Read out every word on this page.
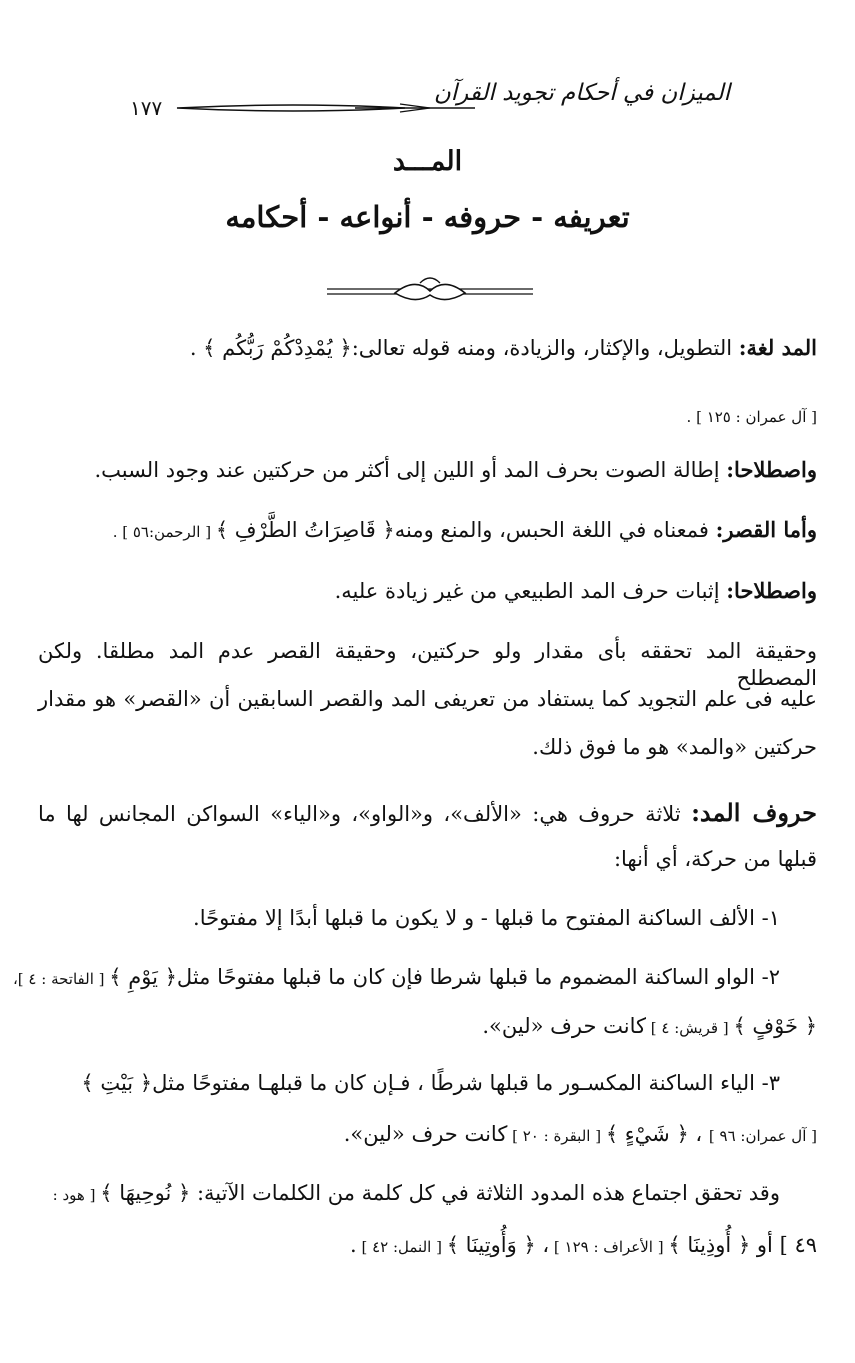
الميزان في أحكام تجويد القرآن
١٧٧
المـــد
تعريفه - حروفه - أنواعه - أحكامه
المد لغة: التطويل، والإكثار، والزيادة، ومنه قوله تعالى:﴿ يُمْدِدْكُمْ رَبُّكُم ﴾ .
[ آل عمران : ١٢٥ ] .
واصطلاحا: إطالة الصوت بحرف المد أو اللين إلى أكثر من حركتين عند وجود السبب.
وأما القصر: فمعناه في اللغة الحبس، والمنع ومنه﴿ قَاصِرَاتُ الطَّرْفِ ﴾ [ الرحمن:٥٦ ] .
واصطلاحا: إثبات حرف المد الطبيعي من غير زيادة عليه.
وحقيقة المد تحققه بأى مقدار ولو حركتين، وحقيقة القصر عدم المد مطلقا. ولكن المصطلح
عليه فى علم التجويد كما يستفاد من تعريفى المد والقصر السابقين أن «القصر» هو مقدار
حركتين «والمد» هو ما فوق ذلك.
حروف المد: ثلاثة حروف هي: «الألف»، و«الواو»، و«الياء» السواكن المجانس لها ما
قبلها من حركة، أي أنها:
١- الألف الساكنة المفتوح ما قبلها - و لا يكون ما قبلها أبدًا إلا مفتوحًا.
٢- الواو الساكنة المضموم ما قبلها شرطا فإن كان ما قبلها مفتوحًا مثل﴿ يَوْمِ ﴾ [ الفاتحة : ٤ ]،
﴿ خَوْفٍ ﴾ [ قريش: ٤ ] كانت حرف «لين».
٣- الياء الساكنة المكسـور ما قبلها شرطًا ، فـإن كان ما قبلهـا مفتوحًا مثل﴿ بَيْتِ ﴾
[ آل عمران: ٩٦ ] ، ﴿ شَيْءٍ ﴾ [ البقرة : ٢٠ ] كانت حرف «لين».
وقد تحقق اجتماع هذه المدود الثلاثة في كل كلمة من الكلمات الآتية: ﴿ نُوحِيهَا ﴾ [ هود :
٤٩ ] أو ﴿ أُوذِينَا ﴾ [ الأعراف : ١٢٩ ] ، ﴿ وَأُوتِينَا ﴾ [ النمل: ٤٢ ] .
